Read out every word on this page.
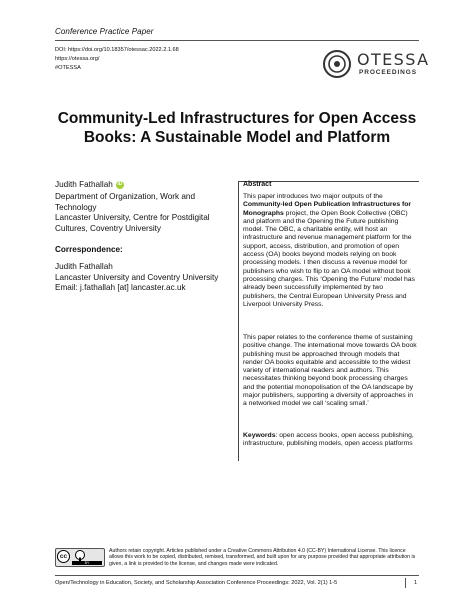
Conference Practice Paper
DOI: https://doi.org/10.18357/otessac.2022.2.1.68
https://otessa.org/
#OTESSA	OTESSA
PROCEEDINGS
Community-Led Infrastructures for Open Access Books: A Sustainable Model and Platform
Judith Fathallah iD
Department of Organization, Work and Technology
Lancaster University, Centre for Postdigital Cultures, Coventry University
Correspondence:
Judith Fathallah
Lancaster University and Coventry University
Email: j.fathallah [at] lancaster.ac.uk
Abstract
This paper introduces two major outputs of the Community-led Open Publication Infrastructures for Monographs project, the Open Book Collective (OBC) and platform and the Opening the Future publishing model. The OBC, a charitable entity, will host an infrastructure and revenue management platform for the support, access, distribution, and promotion of open access (OA) books beyond models relying on book processing models. I then discuss a revenue model for publishers who wish to flip to an OA model without book processing charges. This ‘Opening the Future’ model has already been successfully implemented by two publishers, the Central European University Press and Liverpool University Press.
This paper relates to the conference theme of sustaining positive change. The international move towards OA book publishing must be approached through models that render OA books equitable and accessible to the widest variety of international readers and authors. This necessitates thinking beyond book processing charges and the potential monopolisation of the OA landscape by major publishers, supporting a diversity of approaches in a networked model we call ‘scaling small.’
Keywords: open access books, open access publishing, infrastructure, publishing models, open access platforms
cc
BY
Authors retain copyright. Articles published under a Creative Commons Attribution 4.0 (CC-BY) International License. This licence allows this work to be copied, distributed, remixed, transformed, and built upon for any purpose provided that appropriate attribution is given, a link is provided to the license, and changes made were indicated.
Open/Technology in Education, Society, and Scholarship Association Conference Proceedings: 2022, Vol. 2(1) 1-5	1
